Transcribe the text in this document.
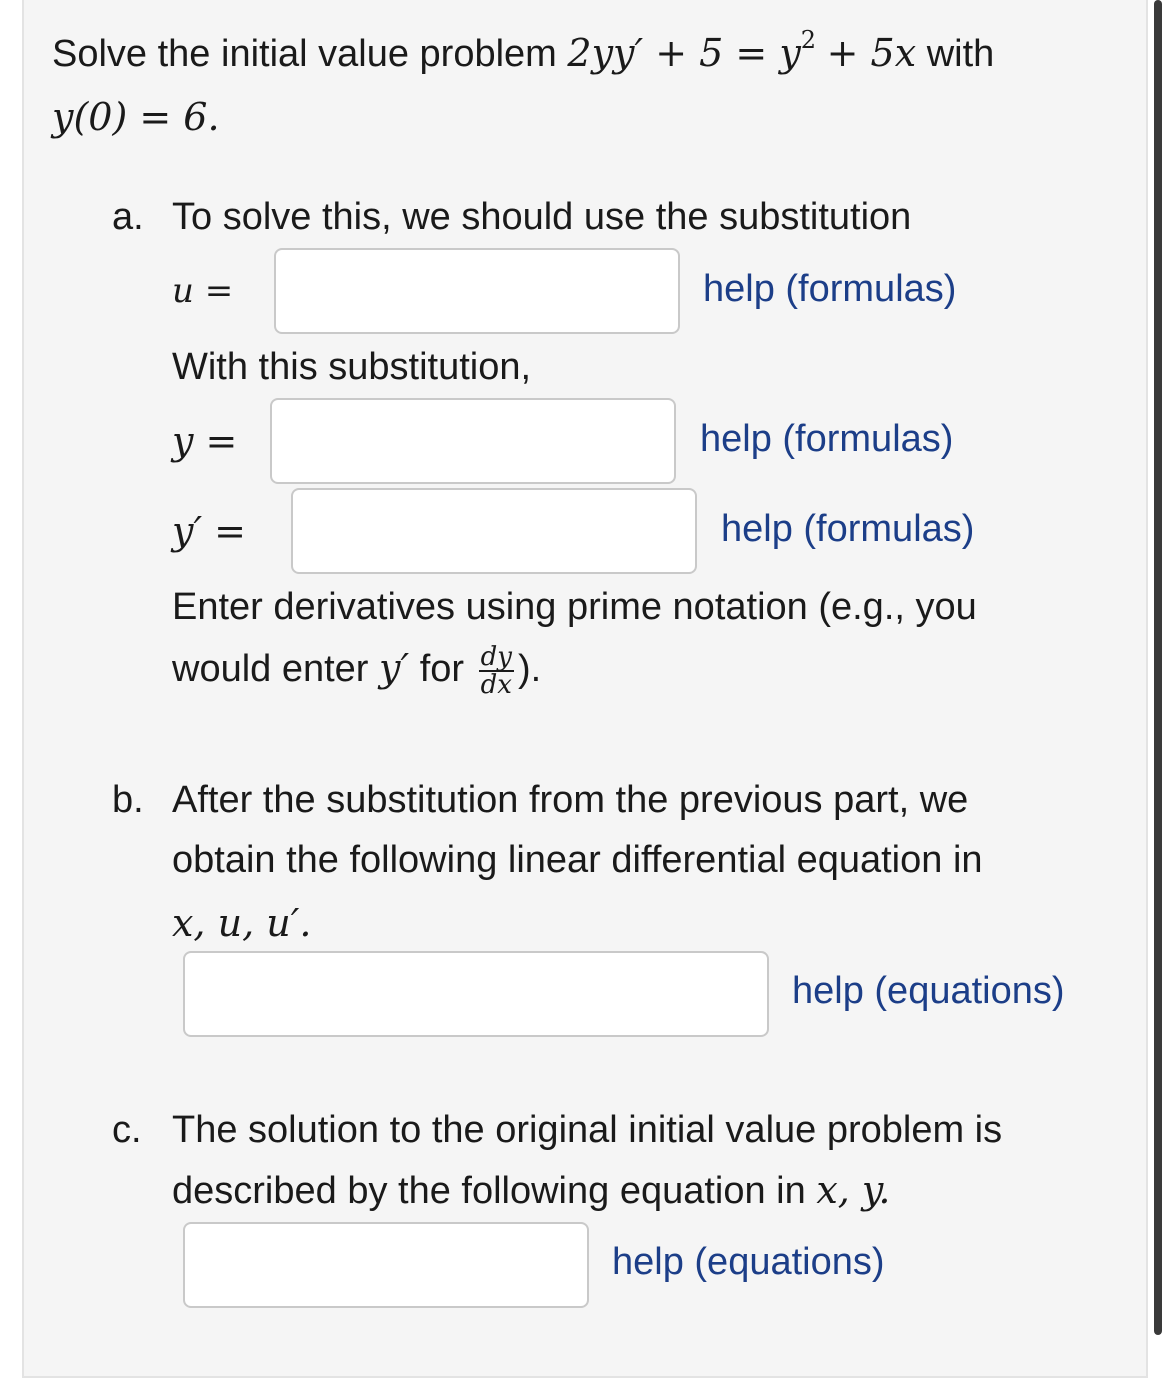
Solve the initial value problem $2yy' + 5 = y^2 + 5x$ with
y(0) = 6.
a. To solve this, we should use the substitution
u =	help (formulas)
With this substitution,
y =	help (formulas)
y′ =	help (formulas)
Enter derivatives using prime notation (e.g., you
would enter y′ for $\frac{dy}{dx}$ ).
b. After the substitution from the previous part, we
obtain the following linear differential equation in
x, u, u′.
help (equations)
c. The solution to the original initial value problem is
described by the following equation in x, y.
help (equations)
